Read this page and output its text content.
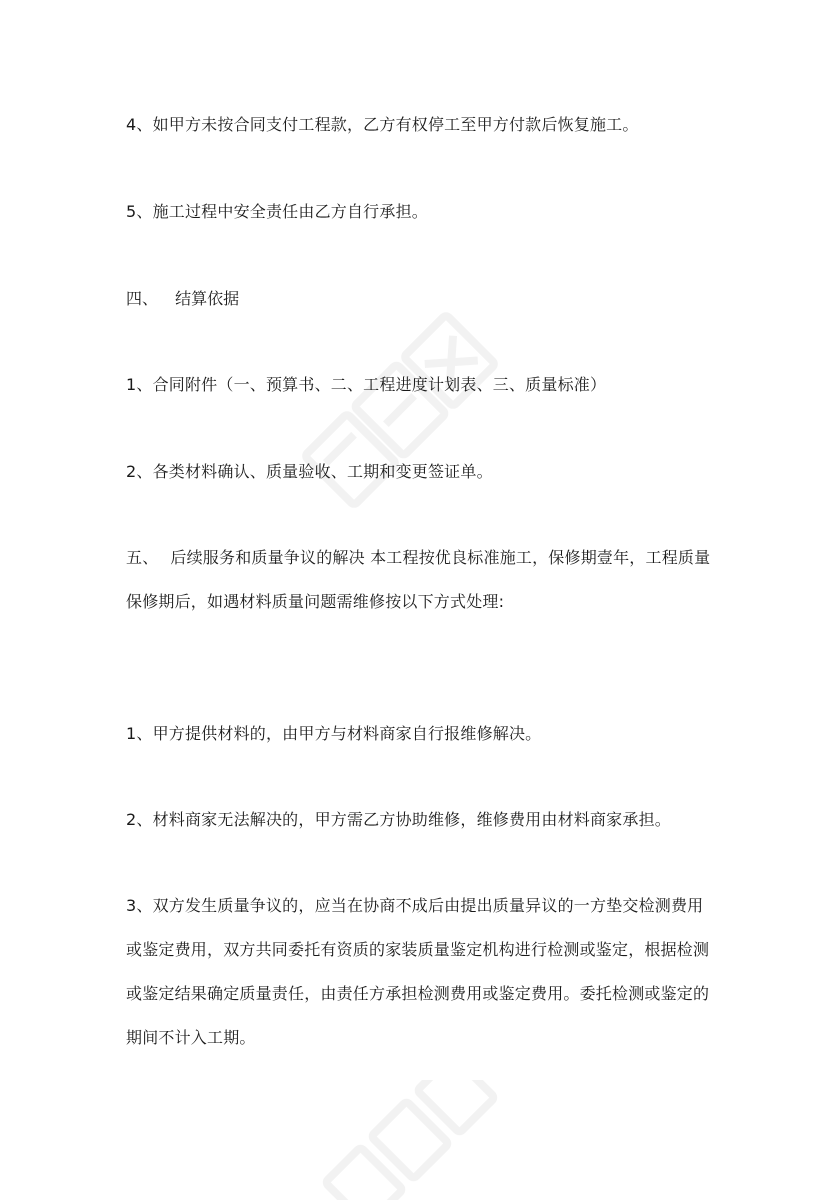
4、如甲方未按合同支付工程款，乙方有权停工至甲方付款后恢复施工。

5、施工过程中安全责任由乙方自行承担。

四、 结算依据

1、合同附件（一、预算书、二、工程进度计划表、三、质量标准）

2、各类材料确认、质量验收、工期和变更签证单。

五、 后续服务和质量争议的解决 本工程按优良标准施工，保修期壹年，工程质量保修期后，如遇材料质量问题需维修按以下方式处理:

1、甲方提供材料的，由甲方与材料商家自行报维修解决。

2、材料商家无法解决的，甲方需乙方协助维修，维修费用由材料商家承担。

3、双方发生质量争议的，应当在协商不成后由提出质量异议的一方垫交检测费用或鉴定费用，双方共同委托有资质的家装质量鉴定机构进行检测或鉴定，根据检测或鉴定结果确定质量责任，由责任方承担检测费用或鉴定费用。委托检测或鉴定的期间不计入工期。
